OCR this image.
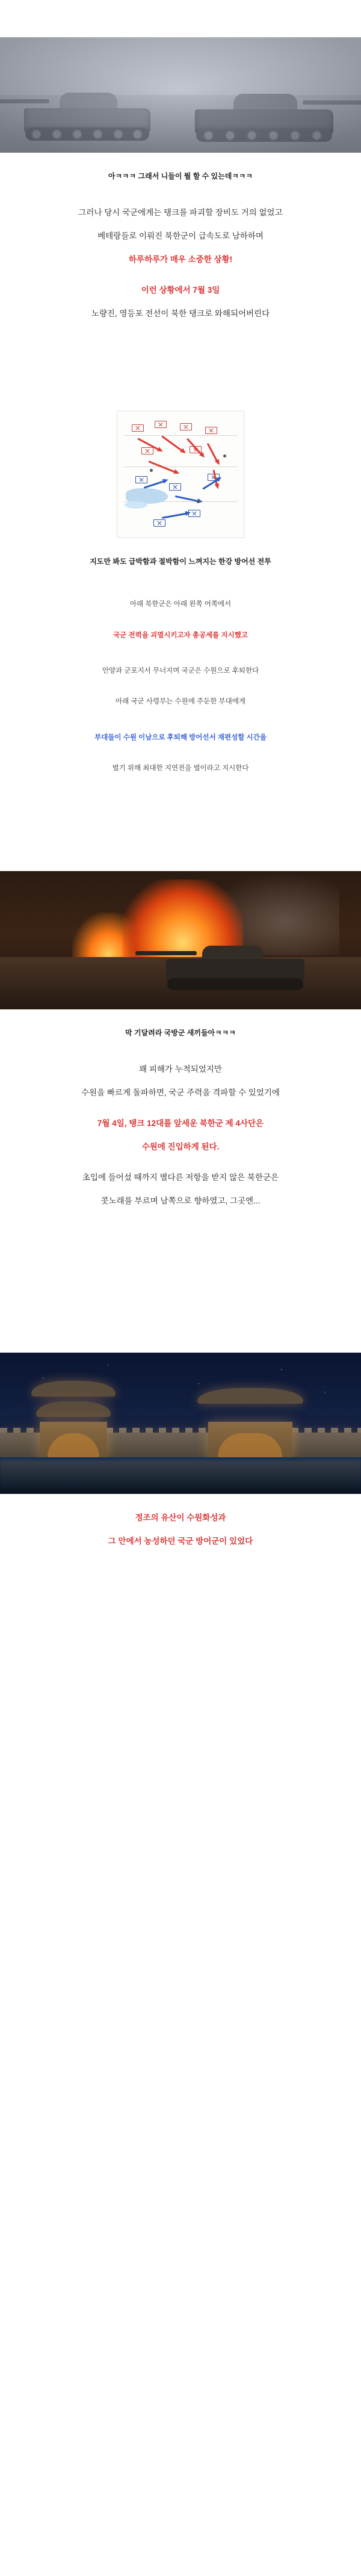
아ㅋㅋㅋ 그래서 니들이 뭘 할 수 있는데ㅋㅋㅋ

그러나 당시 국군에게는 탱크를 파괴할 장비도 거의 없었고

베테랑들로 이뤄진 북한군이 급속도로 남하하며

하루하루가 매우 소중한 상황!

이런 상황에서 7월 3일

노량진, 영등포 전선이 북한 탱크로 와해되어버린다

지도만 봐도 급박함과 절박함이 느껴지는 한강 방어선 전투

아래 북한군은 아래 왼쪽 어쪽에서

국군 전력을 괴멸시키고자 총공세를 지시했고

안양과 군포지서 무너지며 국군은 수원으로 후퇴한다

아래 국군 사령부는 수원에 주둔한 부대에게

부대들이 수원 이남으로 후퇴해 방어선서 재편성할 시간을

벌기 위해 최대한 지연전을 벌이라고 지시한다

막 기달려라 국방군 새끼들아ㅋㅋㅋ

꽤 피해가 누적되었지만

수원을 빠르게 돌파하면, 국군 주력을 격파할 수 있었기에

7월 4일, 탱크 12대를 앞세운 북한군 제 4사단은

수원에 진입하게 된다.

초입에 들어섰 때까지 별다른 저항을 받지 않은 북한군은

콧노래를 부르며 남쪽으로 향하였고, 그곳엔...

정조의 유산이 수원화성과

그 안에서 농성하던 국군 방어군이 있었다
